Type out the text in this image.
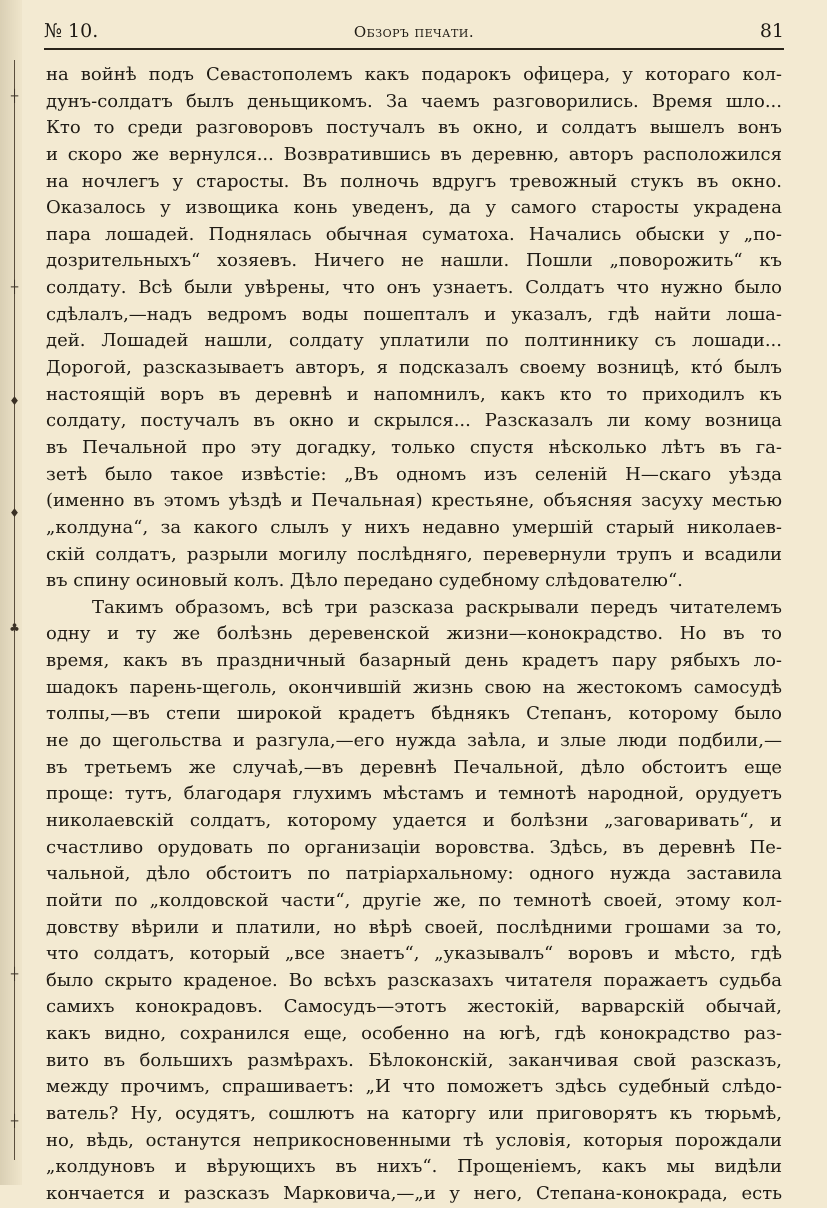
┼
┼
♦
♦
♣
┼
┼
№ 10.	Обзоръ печати.	81
на войнѣ подъ Севастополемъ какъ подарокъ офицера, у котораго кол-
дунъ-солдатъ былъ деньщикомъ. За чаемъ разговорились. Время шло...
Кто то среди разговоровъ постучалъ въ окно, и солдатъ вышелъ вонъ
и скоро же вернулся... Возвратившись въ деревню, авторъ расположился
на ночлегъ у старосты. Въ полночь вдругъ тревожный стукъ въ окно.
Оказалось у извощика конь уведенъ, да у самого старосты украдена
пара лошадей. Поднялась обычная суматоха. Начались обыски у „по-
дозрительныхъ“ хозяевъ. Ничего не нашли. Пошли „поворожить“ къ
солдату. Всѣ были увѣрены, что онъ узнаетъ. Солдатъ что нужно было
сдѣлалъ,—надъ ведромъ воды пошепталъ и указалъ, гдѣ найти лоша-
дей. Лошадей нашли, солдату уплатили по полтиннику съ лошади...
Дорогой, разсказываетъ авторъ, я подсказалъ своему возницѣ, ктó былъ
настоящій воръ въ деревнѣ и напомнилъ, какъ кто то приходилъ къ
солдату, постучалъ въ окно и скрылся... Разсказалъ ли кому возница
въ Печальной про эту догадку, только спустя нѣсколько лѣтъ въ га-
зетѣ было такое извѣстіе: „Въ одномъ изъ селеній Н—скаго уѣзда
(именно въ этомъ уѣздѣ и Печальная) крестьяне, объясняя засуху местью
„колдуна“, за какого слылъ у нихъ недавно умершій старый николаев-
скій солдатъ, разрыли могилу послѣдняго, перевернули трупъ и всадили
въ спину осиновый колъ. Дѣло передано судебному слѣдователю“.
Такимъ образомъ, всѣ три разсказа раскрывали передъ читателемъ
одну и ту же болѣзнь деревенской жизни—конокрадство. Но въ то
время, какъ въ праздничный базарный день крадетъ пару рябыхъ ло-
шадокъ парень-щеголь, окончившій жизнь свою на жестокомъ самосудѣ
толпы,—въ степи широкой крадетъ бѣднякъ Степанъ, которому было
не до щегольства и разгула,—его нужда заѣла, и злые люди подбили,—
въ третьемъ же случаѣ,—въ деревнѣ Печальной, дѣло обстоитъ еще
проще: тутъ, благодаря глухимъ мѣстамъ и темнотѣ народной, орудуетъ
николаевскій солдатъ, которому удается и болѣзни „заговаривать“, и
счастливо орудовать по организаціи воровства. Здѣсь, въ деревнѣ Пе-
чальной, дѣло обстоитъ по патріархальному: одного нужда заставила
пойти по „колдовской части“, другіе же, по темнотѣ своей, этому кол-
довству вѣрили и платили, но вѣрѣ своей, послѣдними грошами за то,
что солдатъ, который „все знаетъ“, „указывалъ“ воровъ и мѣсто, гдѣ
было скрыто краденое. Во всѣхъ разсказахъ читателя поражаетъ судьба
самихъ конокрадовъ. Самосудъ—этотъ жестокій, варварскій обычай,
какъ видно, сохранился еще, особенно на югѣ, гдѣ конокрадство раз-
вито въ большихъ размѣрахъ. Бѣлоконскій, заканчивая свой разсказъ,
между прочимъ, спрашиваетъ: „И что поможетъ здѣсь судебный слѣдо-
ватель? Ну, осудятъ, сошлютъ на каторгу или приговорятъ къ тюрьмѣ,
но, вѣдь, останутся неприкосновенными тѣ условія, которыя порождали
„колдуновъ и вѣрующихъ въ нихъ“. Прощеніемъ, какъ мы видѣли
кончается и разсказъ Марковича,—„и у него, Степана-конокрада, есть
